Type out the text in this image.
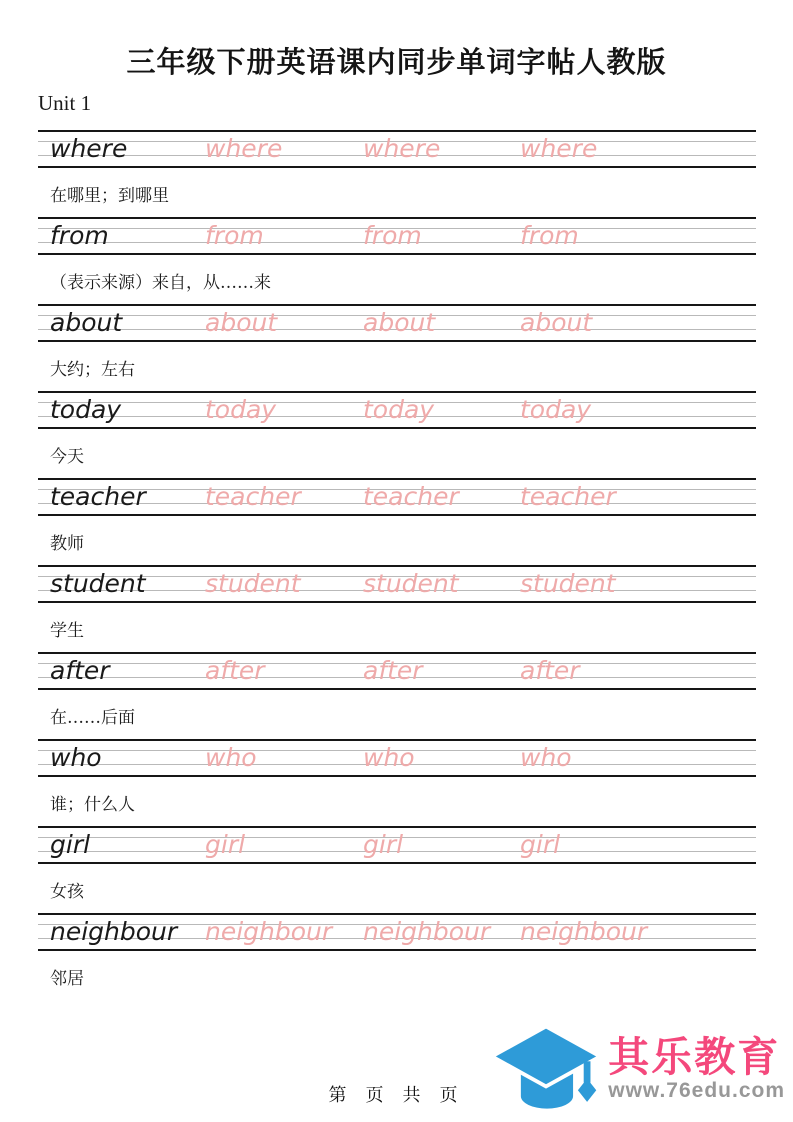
三年级下册英语课内同步单词字帖人教版
Unit 1
where	where	where	where
在哪里；到哪里
from	from	from	from
（表示来源）来自，从……来
about	about	about	about
大约；左右
today	today	today	today
今天
teacher teacher teacher teacher
教师
student student student student
学生
after	after	after	after
在……后面
who	who	who	who
谁；什么人
girl	girl	girl	girl
女孩
neighbour neighbour neighbour neighbour
邻居
第 页 共 页
其乐教育
www.76edu.com
